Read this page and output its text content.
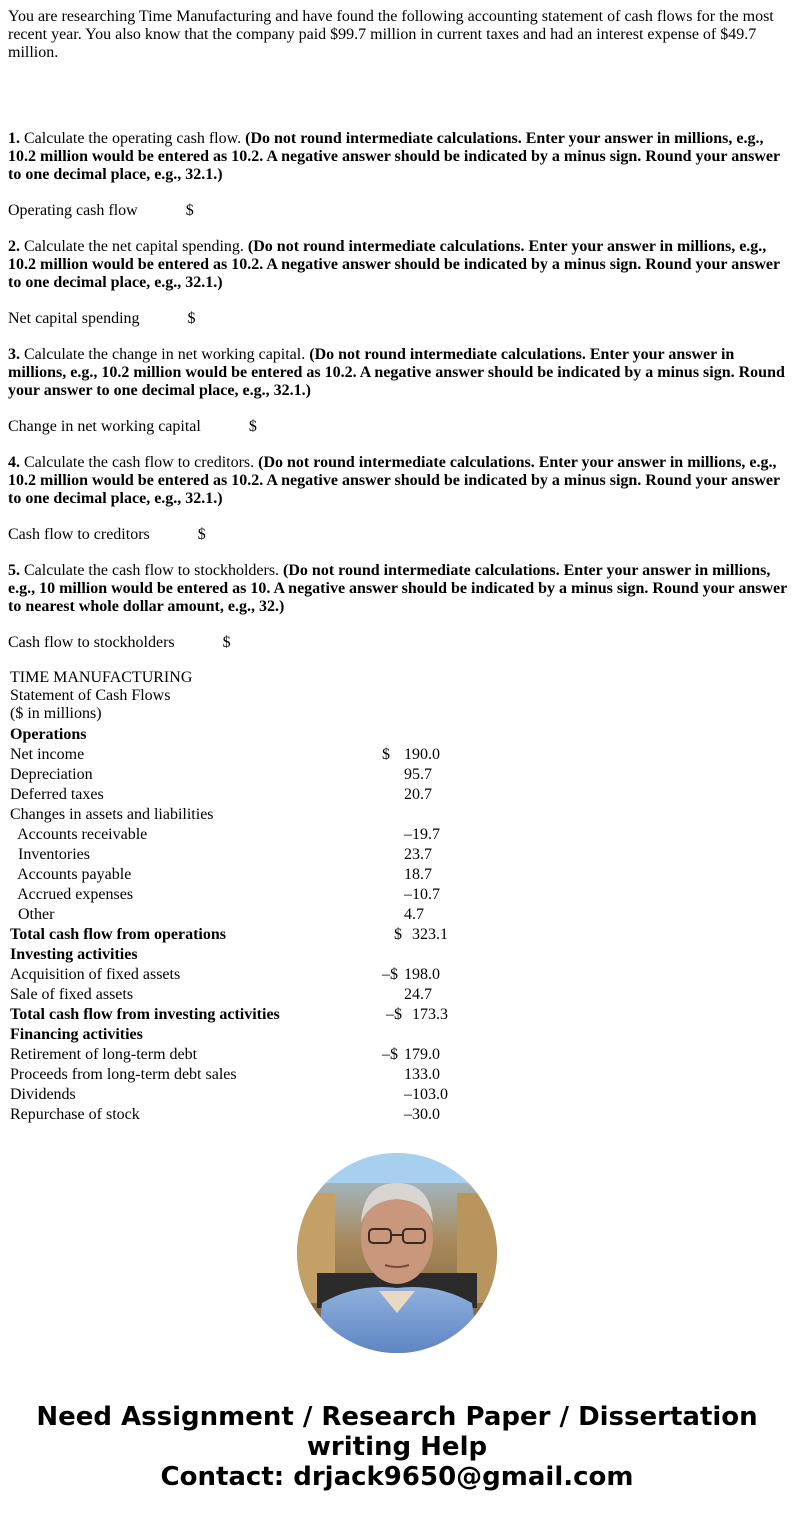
You are researching Time Manufacturing and have found the following accounting statement of cash flows for the most recent year. You also know that the company paid $99.7 million in current taxes and had an interest expense of $49.7 million.

1. Calculate the operating cash flow. (Do not round intermediate calculations. Enter your answer in millions, e.g., 10.2 million would be entered as 10.2. A negative answer should be indicated by a minus sign. Round your answer to one decimal place, e.g., 32.1.)

Operating cash flow	$

2. Calculate the net capital spending. (Do not round intermediate calculations. Enter your answer in millions, e.g., 10.2 million would be entered as 10.2. A negative answer should be indicated by a minus sign. Round your answer to one decimal place, e.g., 32.1.)

Net capital spending	$

3. Calculate the change in net working capital. (Do not round intermediate calculations. Enter your answer in millions, e.g., 10.2 million would be entered as 10.2. A negative answer should be indicated by a minus sign. Round your answer to one decimal place, e.g., 32.1.)

Change in net working capital	$

4. Calculate the cash flow to creditors. (Do not round intermediate calculations. Enter your answer in millions, e.g., 10.2 million would be entered as 10.2. A negative answer should be indicated by a minus sign. Round your answer to one decimal place, e.g., 32.1.)

Cash flow to creditors	$

5. Calculate the cash flow to stockholders. (Do not round intermediate calculations. Enter your answer in millions, e.g., 10 million would be entered as 10. A negative answer should be indicated by a minus sign. Round your answer to nearest whole dollar amount, e.g., 32.)

Cash flow to stockholders	$
TIME MANUFACTURING
Statement of Cash Flows
($ in millions)
Operations
Net income	$ 190.0
Depreciation	95.7
Deferred taxes	20.7
Changes in assets and liabilities
Accounts receivable	–19.7
Inventories	23.7
Accounts payable	18.7
Accrued expenses	–10.7
Other	4.7
Total cash flow from operations	$ 323.1
Investing activities
Acquisition of fixed assets	–$ 198.0
Sale of fixed assets	24.7
Total cash flow from investing activities	–$ 173.3
Financing activities
Retirement of long-term debt	–$ 179.0
Proceeds from long-term debt sales	133.0
Dividends	–103.0
Repurchase of stock	–30.0
Need Assignment / Research Paper / Dissertation writing Help
Contact: drjack9650@gmail.com
